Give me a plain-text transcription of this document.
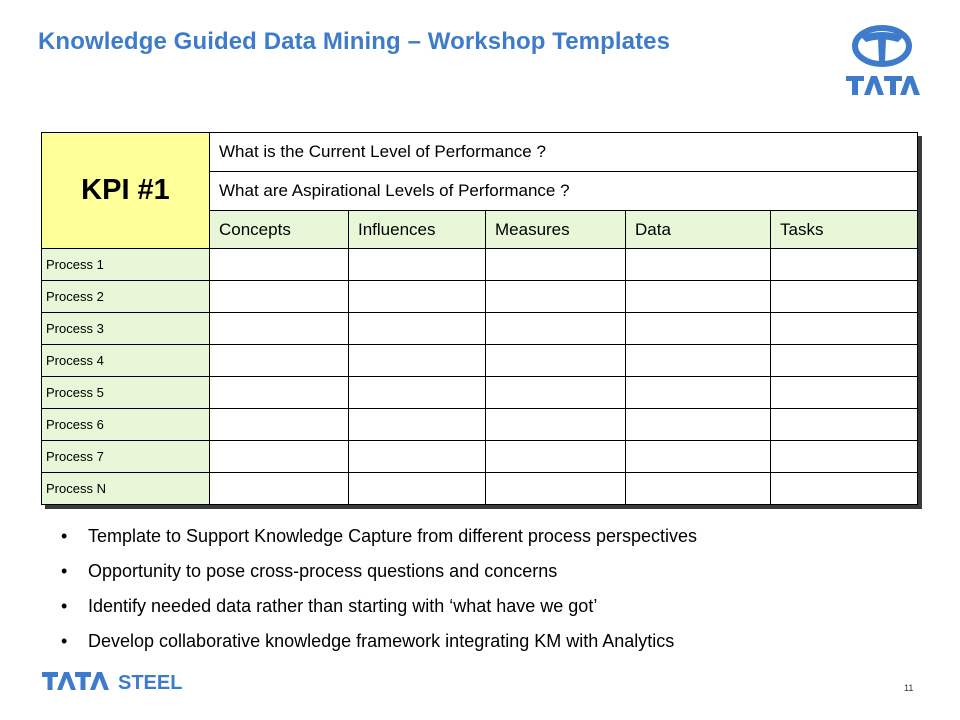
Knowledge Guided Data Mining – Workshop Templates
KPI #1	What is the Current Level of Performance ?				
	What are Aspirational Levels of Performance ?				
	Concepts	Influences	Measures	Data	Tasks
Process 1					
Process 2					
Process 3					
Process 4					
Process 5					
Process 6					
Process 7					
Process N					
• Template to Support Knowledge Capture from different process perspectives
• Opportunity to pose cross-process questions and concerns
• Identify needed data rather than starting with ‘what have we got’
• Develop collaborative knowledge framework integrating KM with Analytics
STEEL	11
